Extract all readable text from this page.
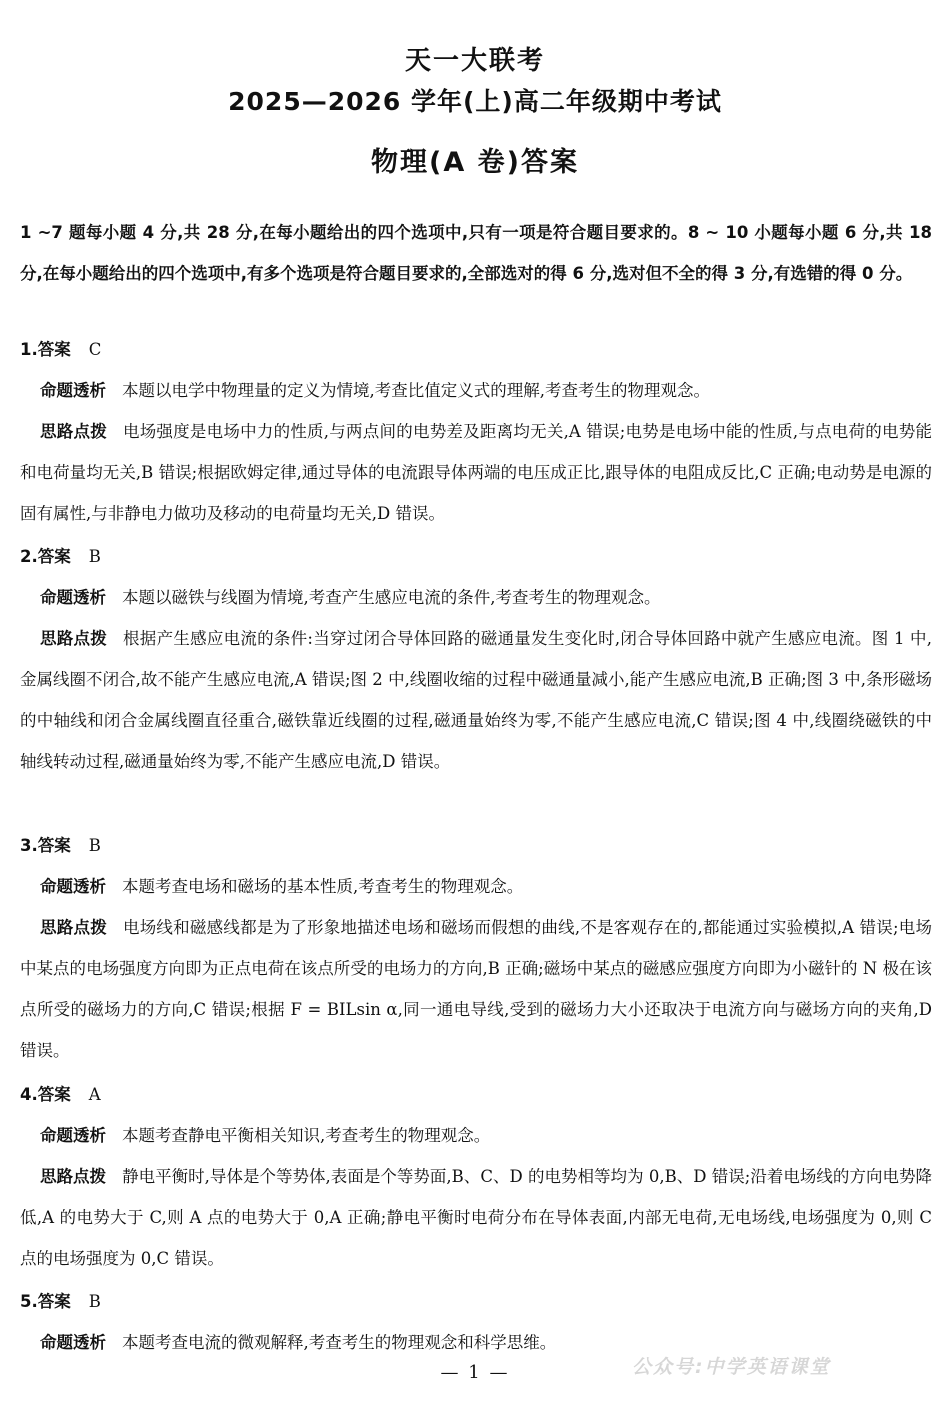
天一大联考
2025—2026 学年(上)高二年级期中考试
物理(A 卷)答案
1 ~7 题每小题 4 分,共 28 分,在每小题给出的四个选项中,只有一项是符合题目要求的。8 ~ 10 小题每小题 6 分,共 18 分,在每小题给出的四个选项中,有多个选项是符合题目要求的,全部选对的得 6 分,选对但不全的得 3 分,有选错的得 0 分。
1.答案 C
命题透析 本题以电学中物理量的定义为情境,考查比值定义式的理解,考查考生的物理观念。
思路点拨 电场强度是电场中力的性质,与两点间的电势差及距离均无关,A 错误;电势是电场中能的性质,与点电荷的电势能和电荷量均无关,B 错误;根据欧姆定律,通过导体的电流跟导体两端的电压成正比,跟导体的电阻成反比,C 正确;电动势是电源的固有属性,与非静电力做功及移动的电荷量均无关,D 错误。
2.答案 B
命题透析 本题以磁铁与线圈为情境,考查产生感应电流的条件,考查考生的物理观念。
思路点拨 根据产生感应电流的条件:当穿过闭合导体回路的磁通量发生变化时,闭合导体回路中就产生感应电流。图 1 中,金属线圈不闭合,故不能产生感应电流,A 错误;图 2 中,线圈收缩的过程中磁通量减小,能产生感应电流,B 正确;图 3 中,条形磁场的中轴线和闭合金属线圈直径重合,磁铁靠近线圈的过程,磁通量始终为零,不能产生感应电流,C 错误;图 4 中,线圈绕磁铁的中轴线转动过程,磁通量始终为零,不能产生感应电流,D 错误。
3.答案 B
命题透析 本题考查电场和磁场的基本性质,考查考生的物理观念。
思路点拨 电场线和磁感线都是为了形象地描述电场和磁场而假想的曲线,不是客观存在的,都能通过实验模拟,A 错误;电场中某点的电场强度方向即为正点电荷在该点所受的电场力的方向,B 正确;磁场中某点的磁感应强度方向即为小磁针的 N 极在该点所受的磁场力的方向,C 错误;根据 F = BILsin α,同一通电导线,受到的磁场力大小还取决于电流方向与磁场方向的夹角,D 错误。
4.答案 A
命题透析 本题考查静电平衡相关知识,考查考生的物理观念。
思路点拨 静电平衡时,导体是个等势体,表面是个等势面,B、C、D 的电势相等均为 0,B、D 错误;沿着电场线的方向电势降低,A 的电势大于 C,则 A 点的电势大于 0,A 正确;静电平衡时电荷分布在导体表面,内部无电荷,无电场线,电场强度为 0,则 C 点的电场强度为 0,C 错误。
5.答案 B
命题透析 本题考查电流的微观解释,考查考生的物理观念和科学思维。
— 1 —	公众号:中学英语课堂
